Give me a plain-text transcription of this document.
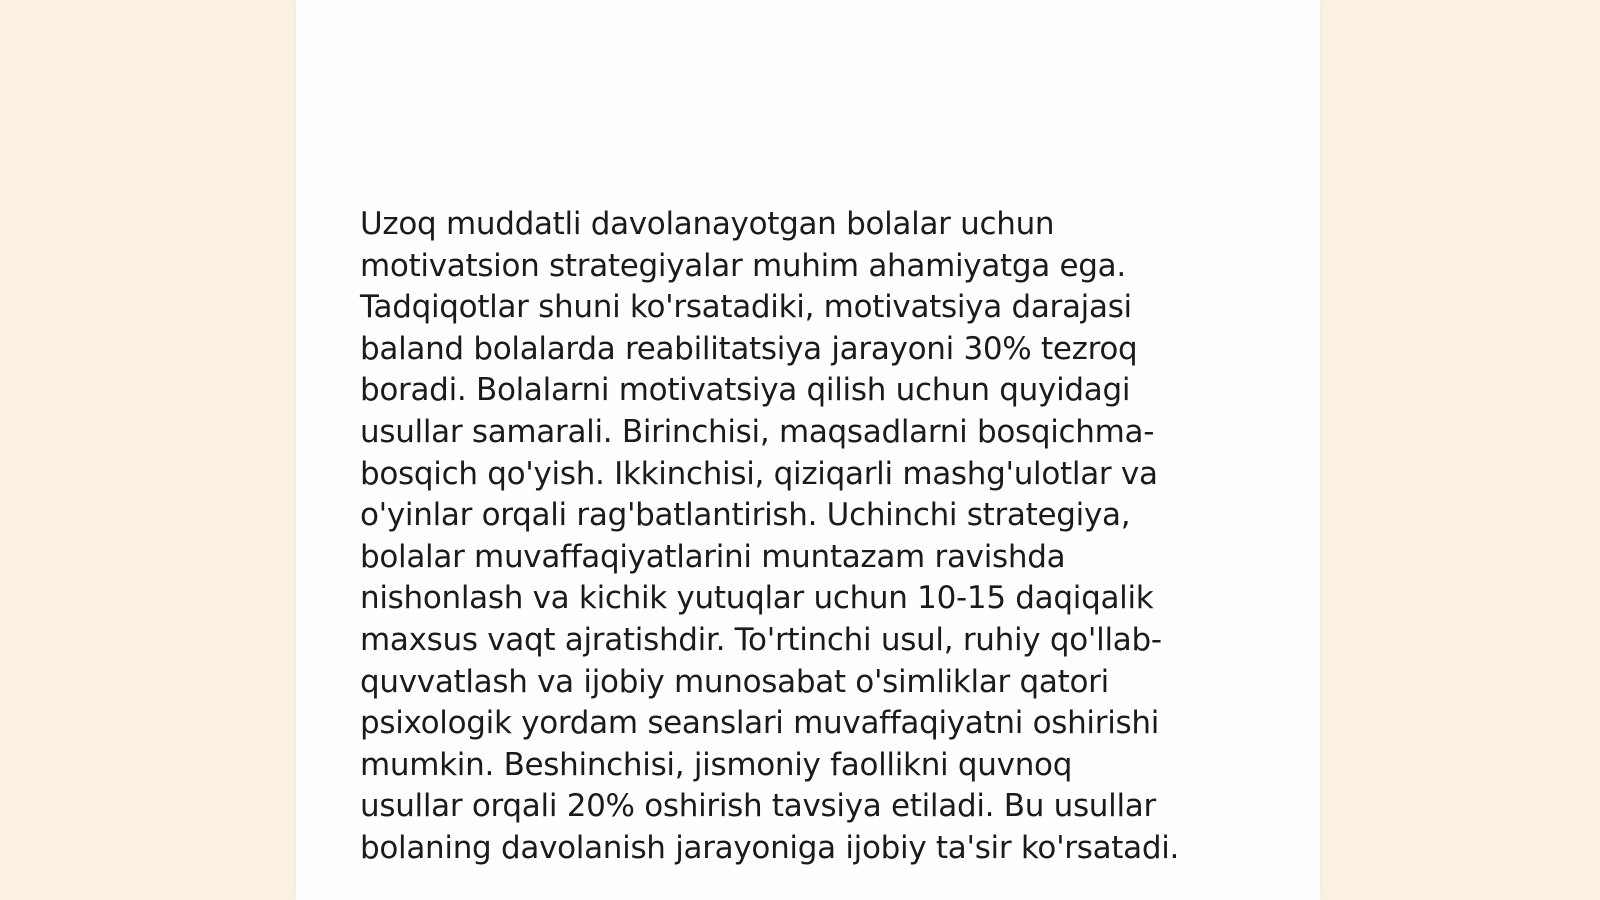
Uzoq muddatli davolanayotgan bolalar uchun
motivatsion strategiyalar muhim ahamiyatga ega.
Tadqiqotlar shuni ko'rsatadiki, motivatsiya darajasi
baland bolalarda reabilitatsiya jarayoni 30% tezroq
boradi. Bolalarni motivatsiya qilish uchun quyidagi
usullar samarali. Birinchisi, maqsadlarni bosqichma-
bosqich qo'yish. Ikkinchisi, qiziqarli mashg'ulotlar va
o'yinlar orqali rag'batlantirish. Uchinchi strategiya,
bolalar muvaffaqiyatlarini muntazam ravishda
nishonlash va kichik yutuqlar uchun 10-15 daqiqalik
maxsus vaqt ajratishdir. To'rtinchi usul, ruhiy qo'llab-
quvvatlash va ijobiy munosabat o'simliklar qatori
psixologik yordam seanslari muvaffaqiyatni oshirishi
mumkin. Beshinchisi, jismoniy faollikni quvnoq
usullar orqali 20% oshirish tavsiya etiladi. Bu usullar
bolaning davolanish jarayoniga ijobiy ta'sir ko'rsatadi.
